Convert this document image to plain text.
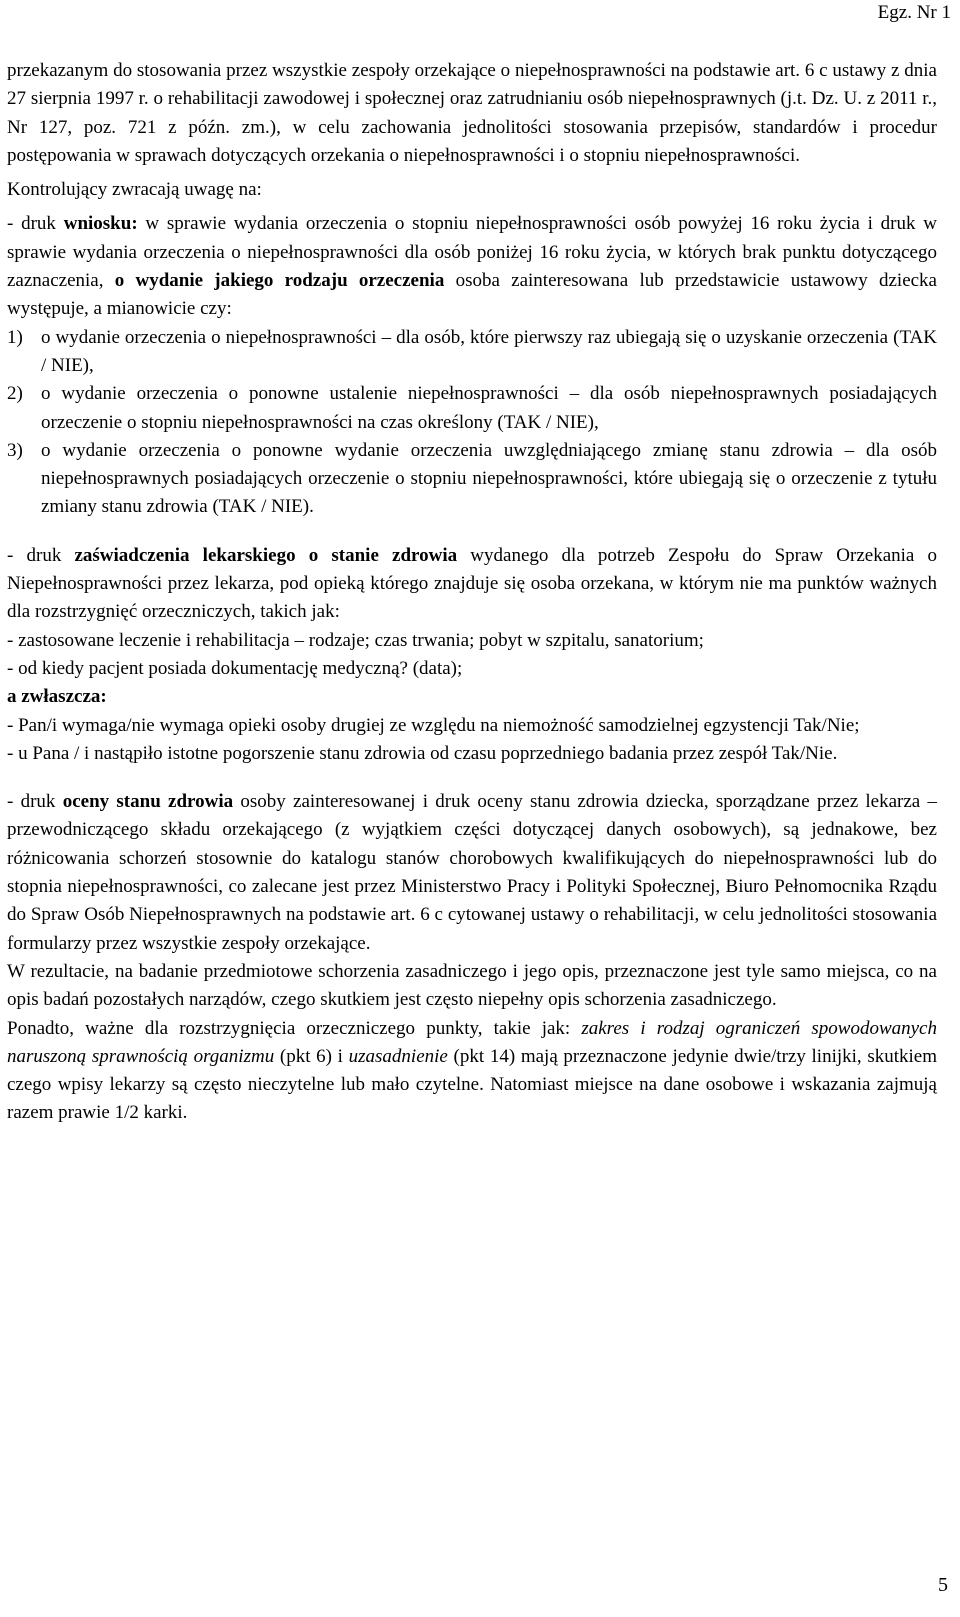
Egz. Nr 1

przekazanym do stosowania przez wszystkie zespoły orzekające o niepełnosprawności na podstawie art. 6 c ustawy z dnia 27 sierpnia 1997 r. o rehabilitacji zawodowej i społecznej oraz zatrudnianiu osób niepełnosprawnych (j.t. Dz. U. z 2011 r., Nr 127, poz. 721 z późn. zm.), w celu zachowania jednolitości stosowania przepisów, standardów i procedur postępowania w sprawach dotyczących orzekania o niepełnosprawności i o stopniu niepełnosprawności.

Kontrolujący zwracają uwagę na:

- druk wniosku: w sprawie wydania orzeczenia o stopniu niepełnosprawności osób powyżej 16 roku życia i druk w sprawie wydania orzeczenia o niepełnosprawności dla osób poniżej 16 roku życia, w których brak punktu dotyczącego zaznaczenia, o wydanie jakiego rodzaju orzeczenia osoba zainteresowana lub przedstawicie ustawowy dziecka występuje, a mianowicie czy:

1) o wydanie orzeczenia o niepełnosprawności – dla osób, które pierwszy raz ubiegają się o uzyskanie orzeczenia (TAK / NIE),
2) o wydanie orzeczenia o ponowne ustalenie niepełnosprawności – dla osób niepełnosprawnych posiadających orzeczenie o stopniu niepełnosprawności na czas określony (TAK / NIE),
3) o wydanie orzeczenia o ponowne wydanie orzeczenia uwzględniającego zmianę stanu zdrowia – dla osób niepełnosprawnych posiadających orzeczenie o stopniu niepełnosprawności, które ubiegają się o orzeczenie z tytułu zmiany stanu zdrowia (TAK / NIE).

- druk zaświadczenia lekarskiego o stanie zdrowia wydanego dla potrzeb Zespołu do Spraw Orzekania o Niepełnosprawności przez lekarza, pod opieką którego znajduje się osoba orzekana, w którym nie ma punktów ważnych dla rozstrzygnięć orzeczniczych, takich jak:

- zastosowane leczenie i rehabilitacja – rodzaje; czas trwania; pobyt w szpitalu, sanatorium;

- od kiedy pacjent posiada dokumentację medyczną? (data);

a zwłaszcza:

- Pan/i wymaga/nie wymaga opieki osoby drugiej ze względu na niemożność samodzielnej egzystencji Tak/Nie;

- u Pana / i nastąpiło istotne pogorszenie stanu zdrowia od czasu poprzedniego badania przez zespół Tak/Nie.

- druk oceny stanu zdrowia osoby zainteresowanej i druk oceny stanu zdrowia dziecka, sporządzane przez lekarza – przewodniczącego składu orzekającego (z wyjątkiem części dotyczącej danych osobowych), są jednakowe, bez różnicowania schorzeń stosownie do katalogu stanów chorobowych kwalifikujących do niepełnosprawności lub do stopnia niepełnosprawności, co zalecane jest przez Ministerstwo Pracy i Polityki Społecznej, Biuro Pełnomocnika Rządu do Spraw Osób Niepełnosprawnych na podstawie art. 6 c cytowanej ustawy o rehabilitacji, w celu jednolitości stosowania formularzy przez wszystkie zespoły orzekające.

W rezultacie, na badanie przedmiotowe schorzenia zasadniczego i jego opis, przeznaczone jest tyle samo miejsca, co na opis badań pozostałych narządów, czego skutkiem jest często niepełny opis schorzenia zasadniczego.

Ponadto, ważne dla rozstrzygnięcia orzeczniczego punkty, takie jak: zakres i rodzaj ograniczeń spowodowanych naruszoną sprawnością organizmu (pkt 6) i uzasadnienie (pkt 14) mają przeznaczone jedynie dwie/trzy linijki, skutkiem czego wpisy lekarzy są często nieczytelne lub mało czytelne. Natomiast miejsce na dane osobowe i wskazania zajmują razem prawie 1/2 karki.

5
